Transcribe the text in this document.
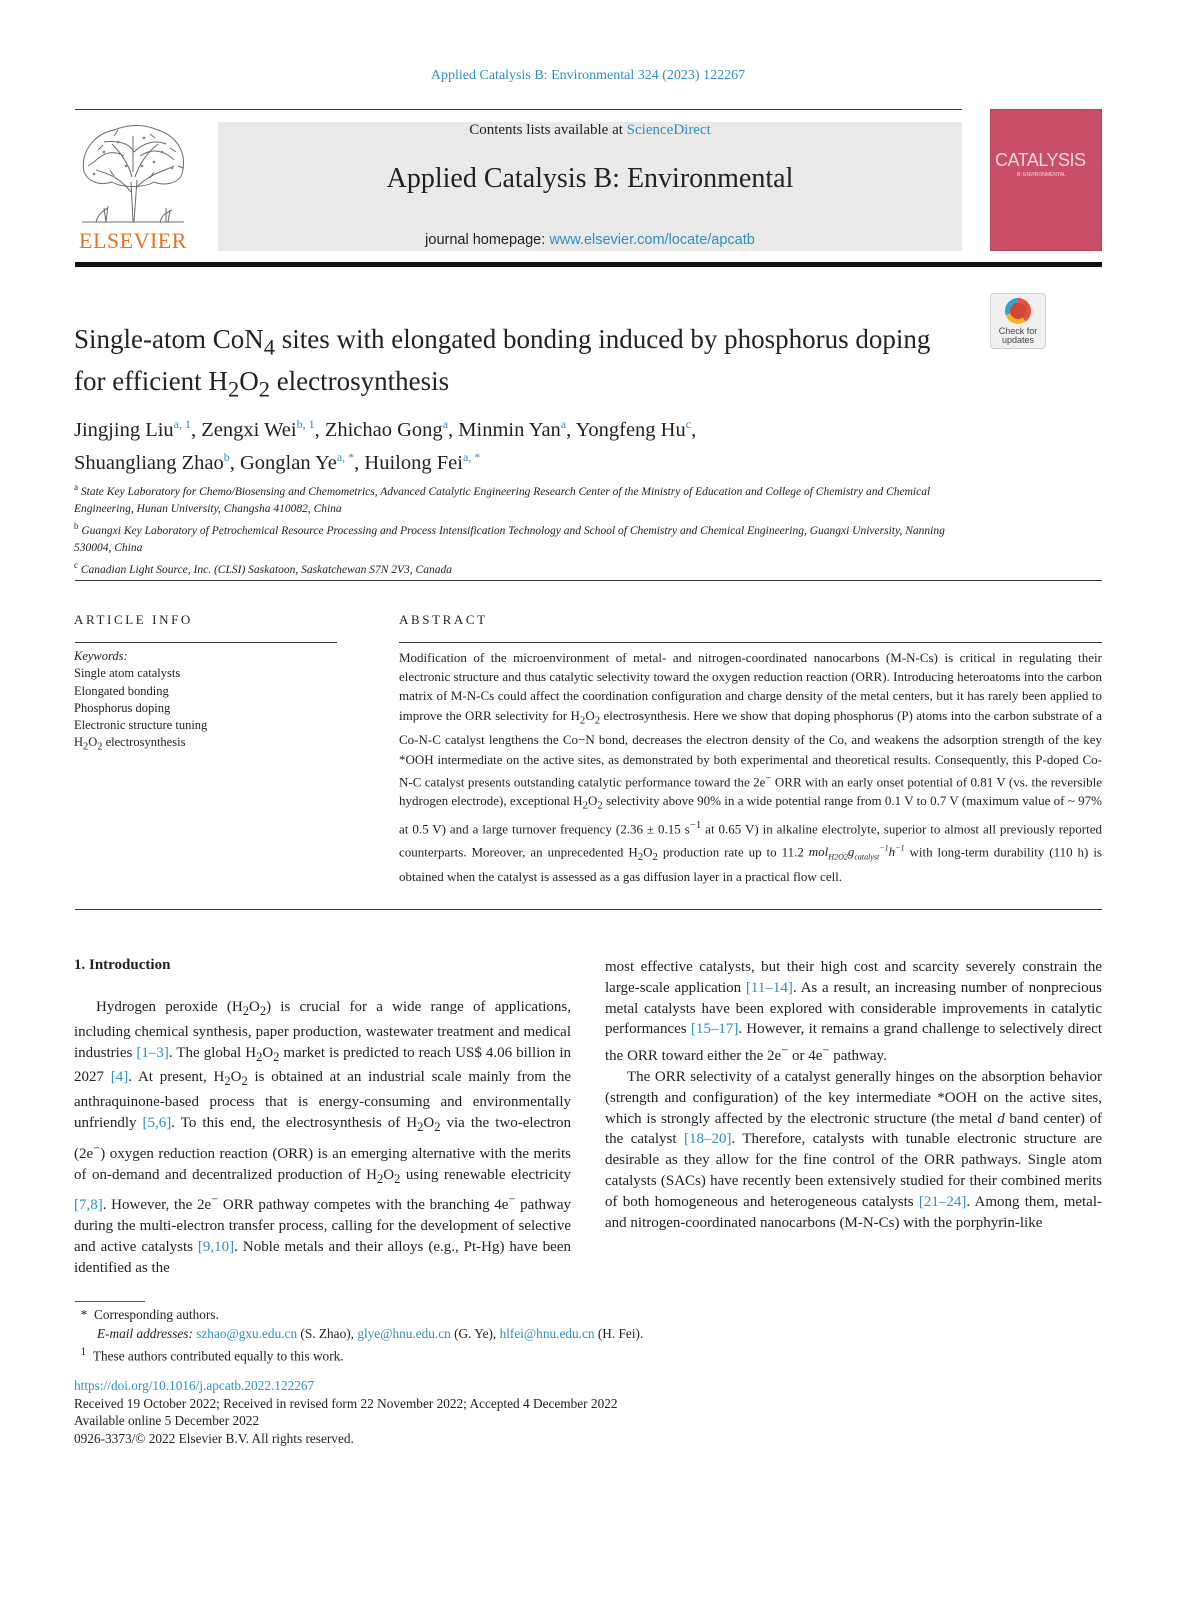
Applied Catalysis B: Environmental 324 (2023) 122267
ELSEVIER
Contents lists available at ScienceDirect
Applied Catalysis B: Environmental
journal homepage: www.elsevier.com/locate/apcatb
CATALYSIS
B: ENVIRONMENTAL
Check for
updates
Single-atom CoN$_4$ sites with elongated bonding induced by phosphorus doping for efficient $H_2O_2$ electrosynthesis
Jingjing Liu$^{a, 1}$, Zengxi Wei$^{b, 1}$, Zhichao Gong$^a$, Minmin Yan$^a$, Yongfeng Hu$^c$,
Shuangliang Zhao$^b$, Gonglan Ye$^{a, *}$, Huilong Fei$^{a, *}$
$^a$ State Key Laboratory for Chemo/Biosensing and Chemometrics, Advanced Catalytic Engineering Research Center of the Ministry of Education and College of Chemistry and Chemical Engineering, Hunan University, Changsha 410082, China
$^b$ Guangxi Key Laboratory of Petrochemical Resource Processing and Process Intensification Technology and School of Chemistry and Chemical Engineering, Guangxi University, Nanning 530004, China
$^c$ Canadian Light Source, Inc. (CLSI) Saskatoon, Saskatchewan S7N 2V3, Canada
ARTICLE INFO
Keywords:
Single atom catalysts
Elongated bonding
Phosphorus doping
Electronic structure tuning
$H_2O_2$ electrosynthesis
ABSTRACT
Modification of the microenvironment of metal- and nitrogen-coordinated nanocarbons (M-N-Cs) is critical in regulating their electronic structure and thus catalytic selectivity toward the oxygen reduction reaction (ORR). Introducing heteroatoms into the carbon matrix of M-N-Cs could affect the coordination configuration and charge density of the metal centers, but it has rarely been applied to improve the ORR selectivity for $H_2O_2$ electrosynthesis. Here we show that doping phosphorus (P) atoms into the carbon substrate of a Co-N-C catalyst lengthens the Co−N bond, decreases the electron density of the Co, and weakens the adsorption strength of the key *OOH intermediate on the active sites, as demonstrated by both experimental and theoretical results. Consequently, this P-doped Co-N-C catalyst presents outstanding catalytic performance toward the 2e− ORR with an early onset potential of 0.81 V (vs. the reversible hydrogen electrode), exceptional $H_2O_2$ selectivity above 90% in a wide potential range from 0.1 V to 0.7 V (maximum value of ~ 97% at 0.5 V) and a large turnover frequency (2.36 ± 0.15 $s^{-1}$ at 0.65 V) in alkaline electrolyte, superior to almost all previously reported counterparts. Moreover, an unprecedented $H_2O_2$ production rate up to 11.2 $mol_{H2O2}g_{catalyst}^{-1}h^{-1}$ with long-term durability (110 h) is obtained when the catalyst is assessed as a gas diffusion layer in a practical flow cell.
1. Introduction

Hydrogen peroxide $(H_2O_2)$ is crucial for a wide range of applications, including chemical synthesis, paper production, wastewater treatment and medical industries [1–3]. The global $H_2O_2$ market is predicted to reach US$ 4.06 billion in 2027 [4]. At present, $H_2O_2$ is obtained at an industrial scale mainly from the anthraquinone-based process that is energy-consuming and environmentally unfriendly [5,6]. To this end, the electrosynthesis of $H_2O_2$ via the two-electron (2e−) oxygen reduction reaction (ORR) is an emerging alternative with the merits of on-demand and decentralized production of $H_2O_2$ using renewable electricity [7,8]. However, the 2e− ORR pathway competes with the branching 4e− pathway during the multi-electron transfer process, calling for the development of selective and active catalysts [9,10]. Noble metals and their alloys (e.g., Pt-Hg) have been identified as the

most effective catalysts, but their high cost and scarcity severely constrain the large-scale application [11–14]. As a result, an increasing number of nonprecious metal catalysts have been explored with considerable improvements in catalytic performances [15–17]. However, it remains a grand challenge to selectively direct the ORR toward either the 2e− or 4e− pathway.

The ORR selectivity of a catalyst generally hinges on the absorption behavior (strength and configuration) of the key intermediate *OOH on the active sites, which is strongly affected by the electronic structure (the metal d band center) of the catalyst [18–20]. Therefore, catalysts with tunable electronic structure are desirable as they allow for the fine control of the ORR pathways. Single atom catalysts (SACs) have recently been extensively studied for their combined merits of both homogeneous and heterogeneous catalysts [21–24]. Among them, metal- and nitrogen-coordinated nanocarbons (M-N-Cs) with the porphyrin-like

* Corresponding authors.
E-mail addresses: szhao@gxu.edu.cn (S. Zhao), glye@hnu.edu.cn (G. Ye), hlfei@hnu.edu.cn (H. Fei).
$^1$ These authors contributed equally to this work.
https://doi.org/10.1016/j.apcatb.2022.122267
Received 19 October 2022; Received in revised form 22 November 2022; Accepted 4 December 2022
Available online 5 December 2022
0926-3373/© 2022 Elsevier B.V. All rights reserved.
